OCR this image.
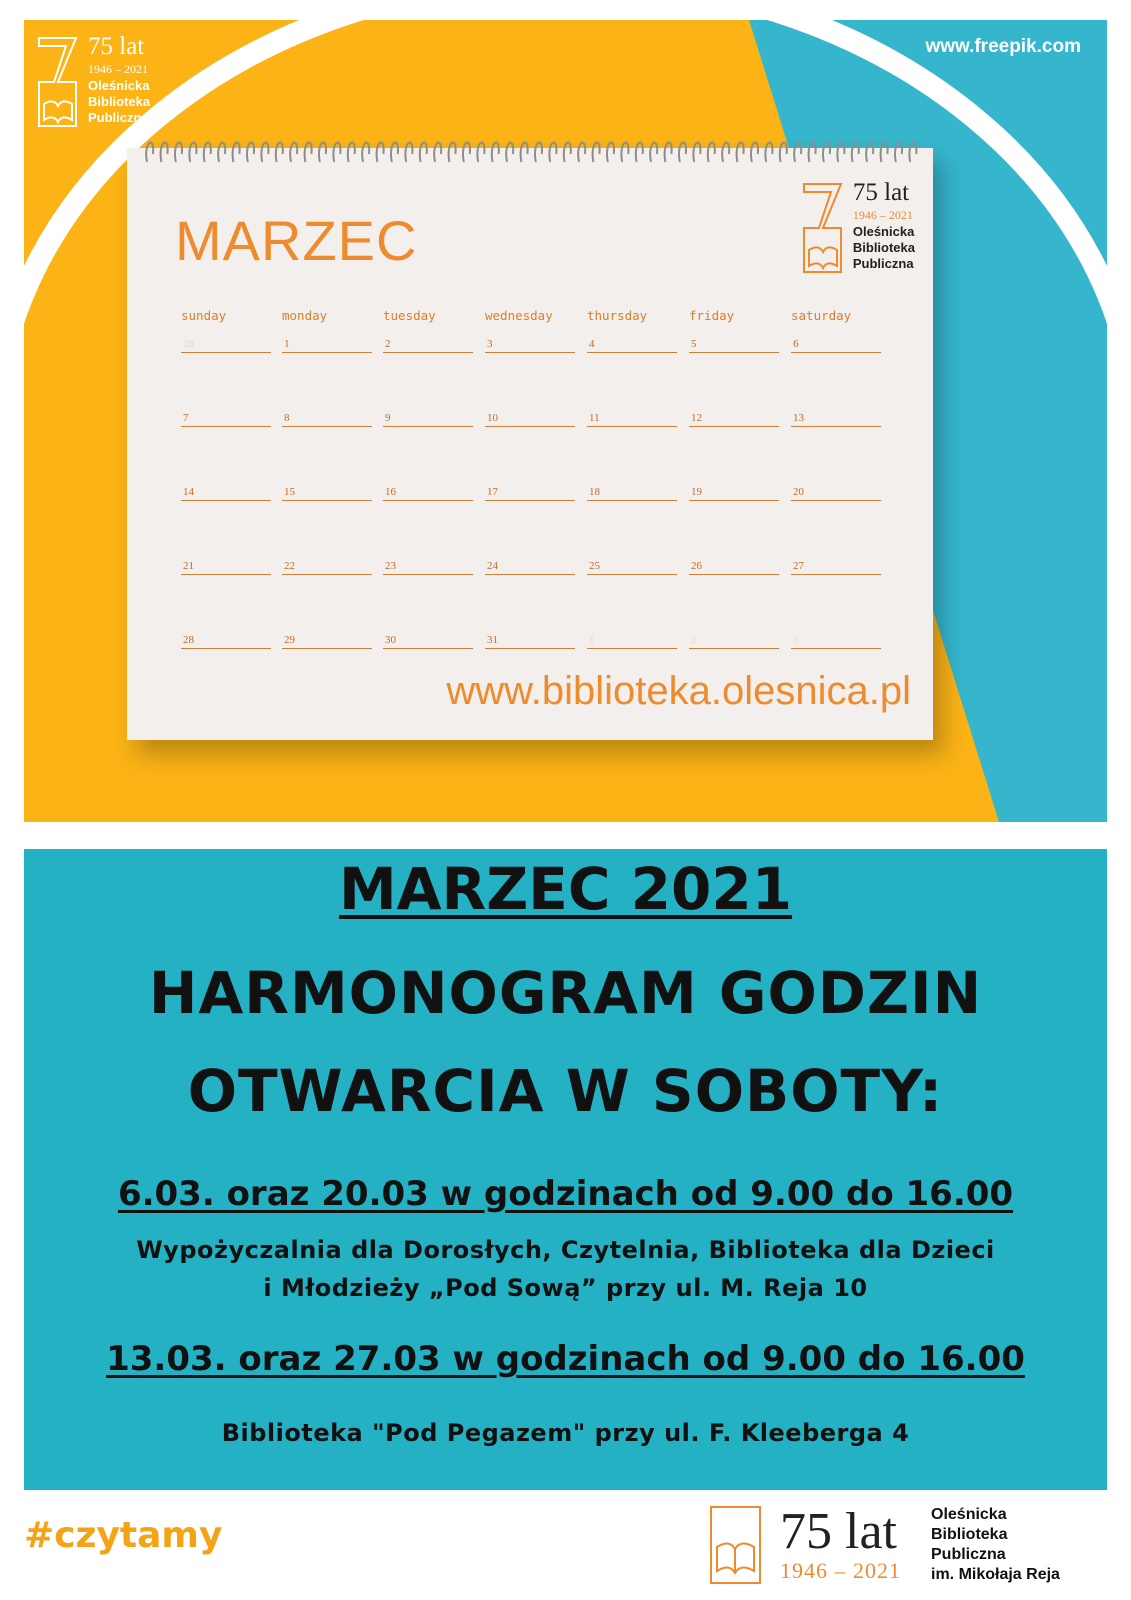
75 lat
1946 – 2021
Oleśnicka
Biblioteka
Publiczna
www.freepik.com
MARZEC
75 lat
1946 – 2021
Oleśnicka
Biblioteka
Publiczna
sunday	monday	tuesday	wednesday	thursday	friday	saturday
28	1	2	3	4	5	6
7	8	9	10	11	12	13
14	15	16	17	18	19	20
21	22	23	24	25	26	27
28	29	30	31	1	2	3
www.biblioteka.olesnica.pl
MARZEC 2021
HARMONOGRAM GODZIN
OTWARCIA W SOBOTY:
6.03. oraz 20.03 w godzinach od 9.00 do 16.00
Wypożyczalnia dla Dorosłych, Czytelnia, Biblioteka dla Dzieci
i Młodzieży „Pod Sową” przy ul. M. Reja 10
13.03. oraz 27.03 w godzinach od 9.00 do 16.00
Biblioteka "Pod Pegazem" przy ul. F. Kleeberga 4
#czytamy	75 lat
1946 – 2021
Oleśnicka
Biblioteka
Publiczna
im. Mikołaja Reja
